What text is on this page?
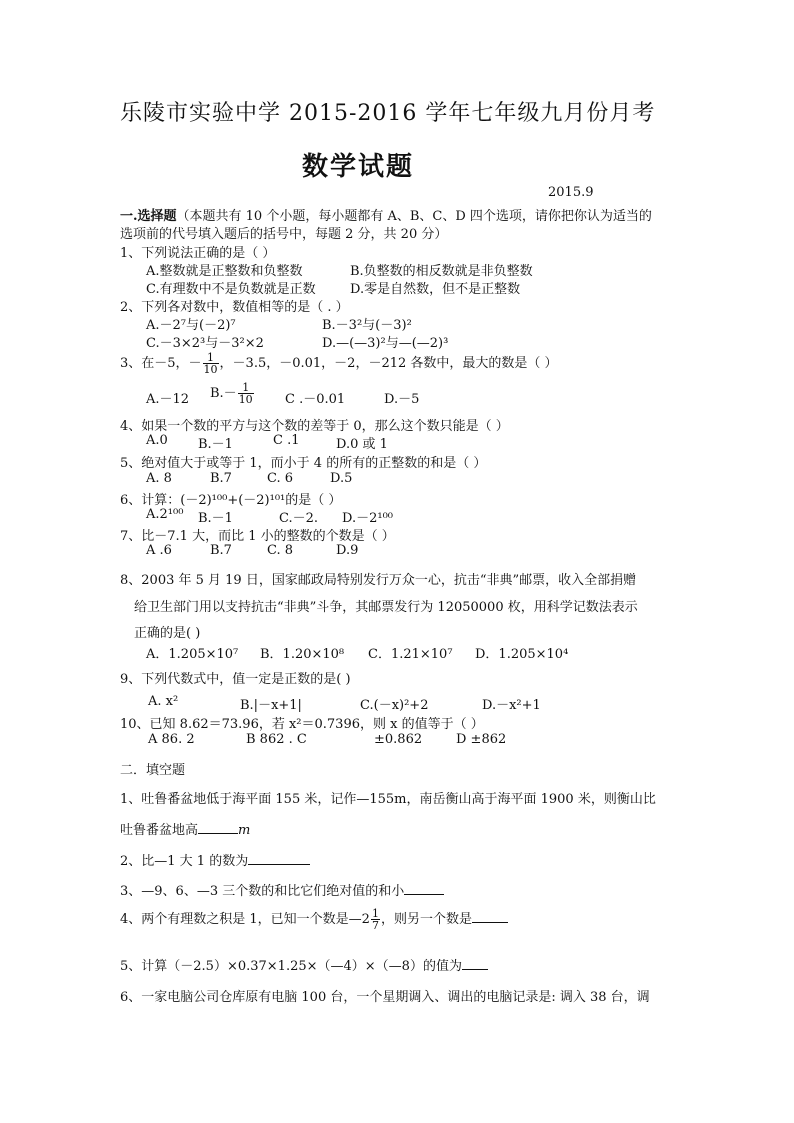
乐陵市实验中学 2015-2016 学年七年级九月份月考
数学试题
2015.9
一.选择题（本题共有 10 个小题，每小题都有 A、B、C、D 四个选项，请你把你认为适当的
选项前的代号填入题后的括号中，每题 2 分，共 20 分）
1、下列说法正确的是（ ）
A.整数就是正整数和负整数	B.负整数的相反数就是非负整数
C.有理数中不是负数就是正数	D.零是自然数，但不是正整数
2、下列各对数中，数值相等的是（ . ）
A.－2⁷与(－2)⁷	B.－3²与(－3)²
C.－3×2³与－3²×2	D.—(—3)²与—(—2)³
3、在－5，－ $\frac{1}{10}$ ，－3.5，－0.01，－2，－212 各数中，最大的数是（ ）
A.－12 $B.- \frac{1}{10}$ C .－0.01	D.－5
4、如果一个数的平方与这个数的差等于 0，那么这个数只能是（ ）
A.0 B.－1	C .1	D.0 或 1
5、绝对值大于或等于 1，而小于 4 的所有的正整数的和是（ ）
A. 8	B.7	C. 6	D.5
6、计算：(－2)¹⁰⁰+(－2)¹⁰¹的是（ ）
A.2¹⁰⁰ B.－1	C.－2. D.－2¹⁰⁰
7、比－7.1 大，而比 1 小的整数的个数是（ ）
A .6	B.7	C. 8	D.9
8、2003 年 5 月 19 日，国家邮政局特别发行万众一心，抗击“非典”邮票，收入全部捐赠
给卫生部门用以支持抗击“非典”斗争，其邮票发行为 12050000 枚，用科学记数法表示
正确的是( )
A．1.205×10⁷ B．1.20×10⁸ C．1.21×10⁷ D．1.205×10⁴
9、下列代数式中，值一定是正数的是( )
A. x²	B.|－x+1|	C.(－x)²+2	D.－x²+1
10、已知 8.62＝73.96，若 x²＝0.7396，则 x 的值等于（ ）
A 86. 2	B 862 . C	±0.862	D ±862
二．填空题
1、吐鲁番盆地低于海平面 155 米，记作—155m，南岳衡山高于海平面 1900 米，则衡山比
吐鲁番盆地高	m
2、比—1 大 1 的数为
3、—9、6、—3 三个数的和比它们绝对值的和小
4、两个有理数之积是 1，已知一个数是—2 $\frac{1}{7}$ ，则另一个数是
5、计算（－2.5）×0.37×1.25×（—4）×（—8）的值为
6、一家电脑公司仓库原有电脑 100 台，一个星期调入、调出的电脑记录是: 调入 38 台，调
